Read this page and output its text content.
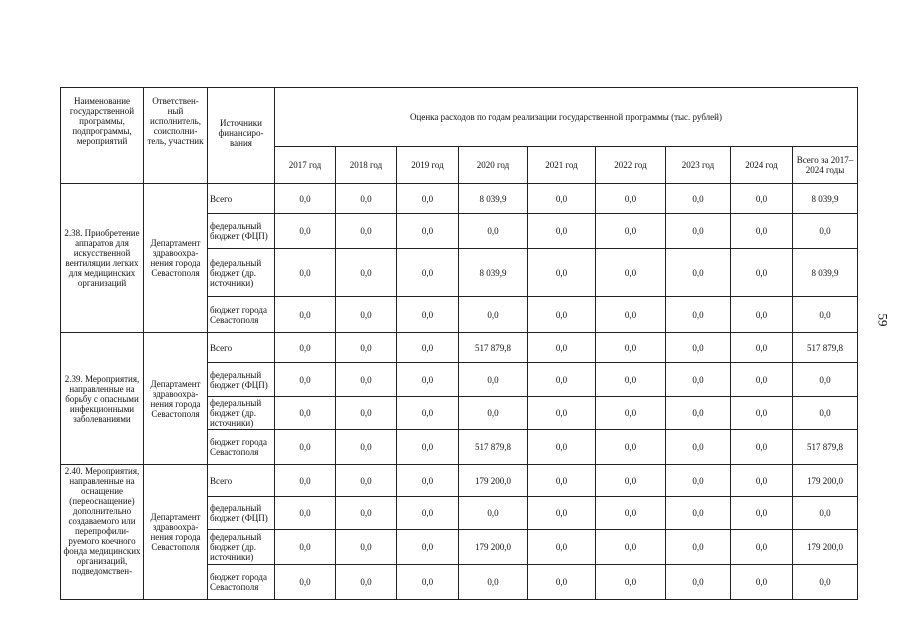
Наименование государственной программы, подпрограммы, мероприятий	Ответствен-ный исполнитель, соисполни-тель, участник	Источники финансиро-вания	Оценка расходов по годам реализации государственной программы (тыс. рублей)								
			2017 год	2018 год	2019 год	2020 год	2021 год	2022 год	2023 год	2024 год	Всего за 2017–2024 годы
2.38. Приобретение аппаратов для искусственной вентиляции легких для медицинских организаций	Департамент здравоохра-нения города Севастополя	Всего	0,0	0,0	0,0	8 039,9	0,0	0,0	0,0	0,0	8 039,9
		федеральный бюджет (ФЦП)	0,0	0,0	0,0	0,0	0,0	0,0	0,0	0,0	0,0
		федеральный бюджет (др. источники)	0,0	0,0	0,0	8 039,9	0,0	0,0	0,0	0,0	8 039,9
		бюджет города Севастополя	0,0	0,0	0,0	0,0	0,0	0,0	0,0	0,0	0,0
2.39. Мероприятия, направленные на борьбу с опасными инфекционными заболеваниями	Департамент здравоохра-нения города Севастополя	Всего	0,0	0,0	0,0	517 879,8	0,0	0,0	0,0	0,0	517 879,8
		федеральный бюджет (ФЦП)	0,0	0,0	0,0	0,0	0,0	0,0	0,0	0,0	0,0
		федеральный бюджет (др. источники)	0,0	0,0	0,0	0,0	0,0	0,0	0,0	0,0	0,0
		бюджет города Севастополя	0,0	0,0	0,0	517 879,8	0,0	0,0	0,0	0,0	517 879,8
2.40. Мероприятия, направленные на оснащение (переоснащение) дополнительно создаваемого или перепрофили-руемого коечного фонда медицинских организаций, подведомствен-	Департамент здравоохра-нения города Севастополя	Всего	0,0	0,0	0,0	179 200,0	0,0	0,0	0,0	0,0	179 200,0
		федеральный бюджет (ФЦП)	0,0	0,0	0,0	0,0	0,0	0,0	0,0	0,0	0,0
		федеральный бюджет (др. источники)	0,0	0,0	0,0	179 200,0	0,0	0,0	0,0	0,0	179 200,0
		бюджет города Севастополя	0,0	0,0	0,0	0,0	0,0	0,0	0,0	0,0	0,0
59
